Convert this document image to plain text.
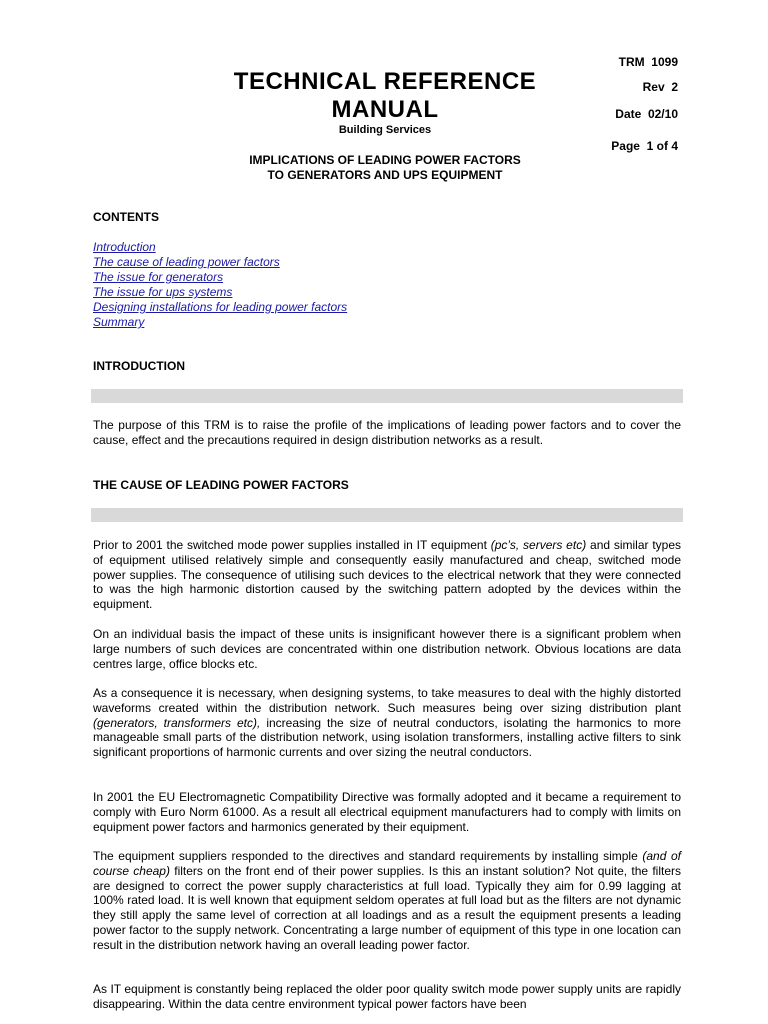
TECHNICAL REFERENCE
MANUAL
Building Services
IMPLICATIONS OF LEADING POWER FACTORS
TO GENERATORS AND UPS EQUIPMENT
TRM  1099
Rev  2
Date  02/10
Page  1 of 4
CONTENTS
Introduction
The cause of leading power factors
The issue for generators
The issue for ups systems
Designing installations for leading power factors
Summary
INTRODUCTION

The purpose of this TRM is to raise the profile of the implications of leading power factors and to cover the cause, effect and the precautions required in design distribution networks as a result.

THE CAUSE OF LEADING POWER FACTORS

Prior to 2001 the switched mode power supplies installed in IT equipment (pc’s, servers etc) and similar types of equipment utilised relatively simple and consequently easily manufactured and cheap, switched mode power supplies. The consequence of utilising such devices to the electrical network that they were connected to was the high harmonic distortion caused by the switching pattern adopted by the devices within the equipment.

On an individual basis the impact of these units is insignificant however there is a significant problem when large numbers of such devices are concentrated within one distribution network. Obvious locations are data centres large, office blocks etc.

As a consequence it is necessary, when designing systems, to take measures to deal with the highly distorted waveforms created within the distribution network. Such measures being over sizing distribution plant (generators, transformers etc), increasing the size of neutral conductors, isolating the harmonics to more manageable small parts of the distribution network, using isolation transformers, installing active filters to sink significant proportions of harmonic currents and over sizing the neutral conductors.

In 2001 the EU Electromagnetic Compatibility Directive was formally adopted and it became a requirement to comply with Euro Norm 61000. As a result all electrical equipment manufacturers had to comply with limits on equipment power factors and harmonics generated by their equipment.

The equipment suppliers responded to the directives and standard requirements by installing simple (and of course cheap) filters on the front end of their power supplies. Is this an instant solution? Not quite, the filters are designed to correct the power supply characteristics at full load. Typically they aim for 0.99 lagging at 100% rated load. It is well known that equipment seldom operates at full load but as the filters are not dynamic they still apply the same level of correction at all loadings and as a result the equipment presents a leading power factor to the supply network. Concentrating a large number of equipment of this type in one location can result in the distribution network having an overall leading power factor.

As IT equipment is constantly being replaced the older poor quality switch mode power supply units are rapidly disappearing. Within the data centre environment typical power factors have been
